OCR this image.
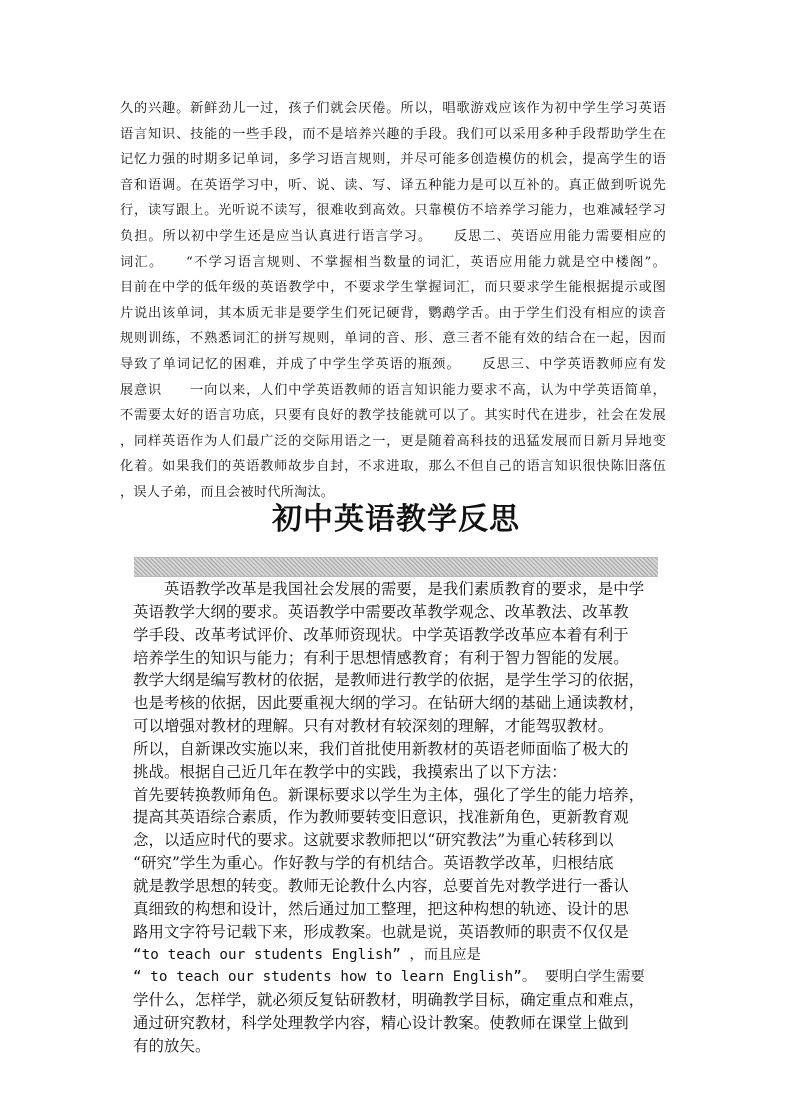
久的兴趣。新鲜劲儿一过，孩子们就会厌倦。所以，唱歌游戏应该作为初中学生学习英语
语言知识、技能的一些手段，而不是培养兴趣的手段。我们可以采用多种手段帮助学生在
记忆力强的时期多记单词，多学习语言规则，并尽可能多创造模仿的机会，提高学生的语
音和语调。在英语学习中，听、说、读、写、译五种能力是可以互补的。真正做到听说先
行，读写跟上。光听说不读写，很难收到高效。只靠模仿不培养学习能力，也难减轻学习
负担。所以初中学生还是应当认真进行语言学习。　　反思二、英语应用能力需要相应的
词汇。　　“不学习语言规则、不掌握相当数量的词汇，英语应用能力就是空中楼阁”。
目前在中学的低年级的英语教学中，不要求学生掌握词汇，而只要求学生能根据提示或图
片说出该单词，其本质无非是要学生们死记硬背，鹦鹉学舌。由于学生们没有相应的读音
规则训练，不熟悉词汇的拼写规则，单词的音、形、意三者不能有效的结合在一起，因而
导致了单词记忆的困难，并成了中学生学英语的瓶颈。　　反思三、中学英语教师应有发
展意识　　一向以来，人们中学英语教师的语言知识能力要求不高，认为中学英语简单，
不需要太好的语言功底，只要有良好的教学技能就可以了。其实时代在进步，社会在发展
，同样英语作为人们最广泛的交际用语之一，更是随着高科技的迅猛发展而日新月异地变
化着。如果我们的英语教师故步自封，不求进取，那么不但自己的语言知识很快陈旧落伍
，误人子弟，而且会被时代所淘汰。
初中英语教学反思
　　英语教学改革是我国社会发展的需要，是我们素质教育的要求，是中学
英语教学大纲的要求。英语教学中需要改革教学观念、改革教法、改革教
学手段、改革考试评价、改革师资现状。中学英语教学改革应本着有利于
培养学生的知识与能力；有利于思想情感教育；有利于智力智能的发展。
教学大纲是编写教材的依据，是教师进行教学的依据，是学生学习的依据，
也是考核的依据，因此要重视大纲的学习。在钻研大纲的基础上通读教材，
可以增强对教材的理解。只有对教材有较深刻的理解，才能驾驭教材。
所以，自新课改实施以来，我们首批使用新教材的英语老师面临了极大的
挑战。根据自己近几年在教学中的实践，我摸索出了以下方法：
首先要转换教师角色。新课标要求以学生为主体，强化了学生的能力培养，
提高其英语综合素质，作为教师要转变旧意识，找准新角色，更新教育观
念，以适应时代的要求。这就要求教师把以“研究教法”为重心转移到以
“研究”学生为重心。作好教与学的有机结合。英语教学改革，归根结底
就是教学思想的转变。教师无论教什么内容，总要首先对教学进行一番认
真细致的构想和设计，然后通过加工整理，把这种构想的轨迹、设计的思
路用文字符号记载下来，形成教案。也就是说，英语教师的职责不仅仅是
“to teach our students English” ，而且应是
“ to teach our students how to learn English”。 要明白学生需要
学什么，怎样学，就必须反复钻研教材，明确教学目标，确定重点和难点，
通过研究教材，科学处理教学内容，精心设计教案。使教师在课堂上做到
有的放矢。
